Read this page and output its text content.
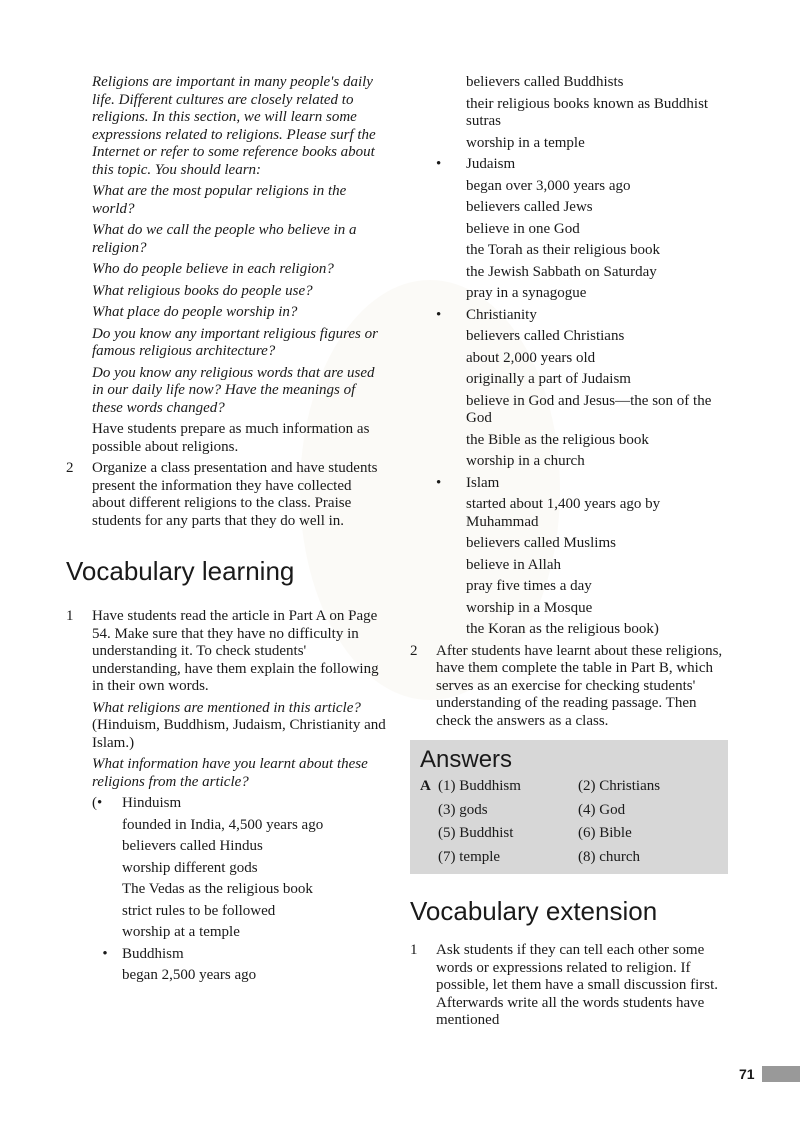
Religions are important in many people's daily life. Different cultures are closely related to religions. In this section, we will learn some expressions related to religions. Please surf the Internet or refer to some reference books about this topic. You should learn:
What are the most popular religions in the world?
What do we call the people who believe in a religion?
Who do people believe in each religion?
What religious books do people use?
What place do people worship in?
Do you know any important religious figures or famous religious architecture?
Do you know any religious words that are used in our daily life now? Have the meanings of these words changed?
Have students prepare as much information as possible about religions.
2	Organize a class presentation and have students present the information they have collected about different religions to the class. Praise students for any parts that they do well in.
Vocabulary learning
1	Have students read the article in Part A on Page 54. Make sure that they have no difficulty in understanding it. To check students' understanding, have them explain the following in their own words.
What religions are mentioned in this article? (Hinduism, Buddhism, Judaism, Christianity and Islam.)
What information have you learnt about these religions from the article?
(•	Hinduism
founded in India, 4,500 years ago
believers called Hindus
worship different gods
The Vedas as the religious book
strict rules to be followed
worship at a temple
• Buddhism
began 2,500 years ago
believers called Buddhists
their religious books known as Buddhist sutras
worship in a temple
•	Judaism
began over 3,000 years ago
believers called Jews
believe in one God
the Torah as their religious book
the Jewish Sabbath on Saturday
pray in a synagogue
•	Christianity
believers called Christians
about 2,000 years old
originally a part of Judaism
believe in God and Jesus—the son of the God
the Bible as the religious book
worship in a church
•	Islam
started about 1,400 years ago by Muhammad
believers called Muslims
believe in Allah
pray five times a day
worship in a Mosque
the Koran as the religious book)
2	After students have learnt about these religions, have them complete the table in Part B, which serves as an exercise for checking students' understanding of the reading passage. Then check the answers as a class.
Answers
A (1) Buddhism	(2) Christians
(3) gods	(4) God
(5) Buddhist	(6) Bible
(7) temple	(8) church
Vocabulary extension
1	Ask students if they can tell each other some words or expressions related to religion. If possible, let them have a small discussion first. Afterwards write all the words students have mentioned
71
